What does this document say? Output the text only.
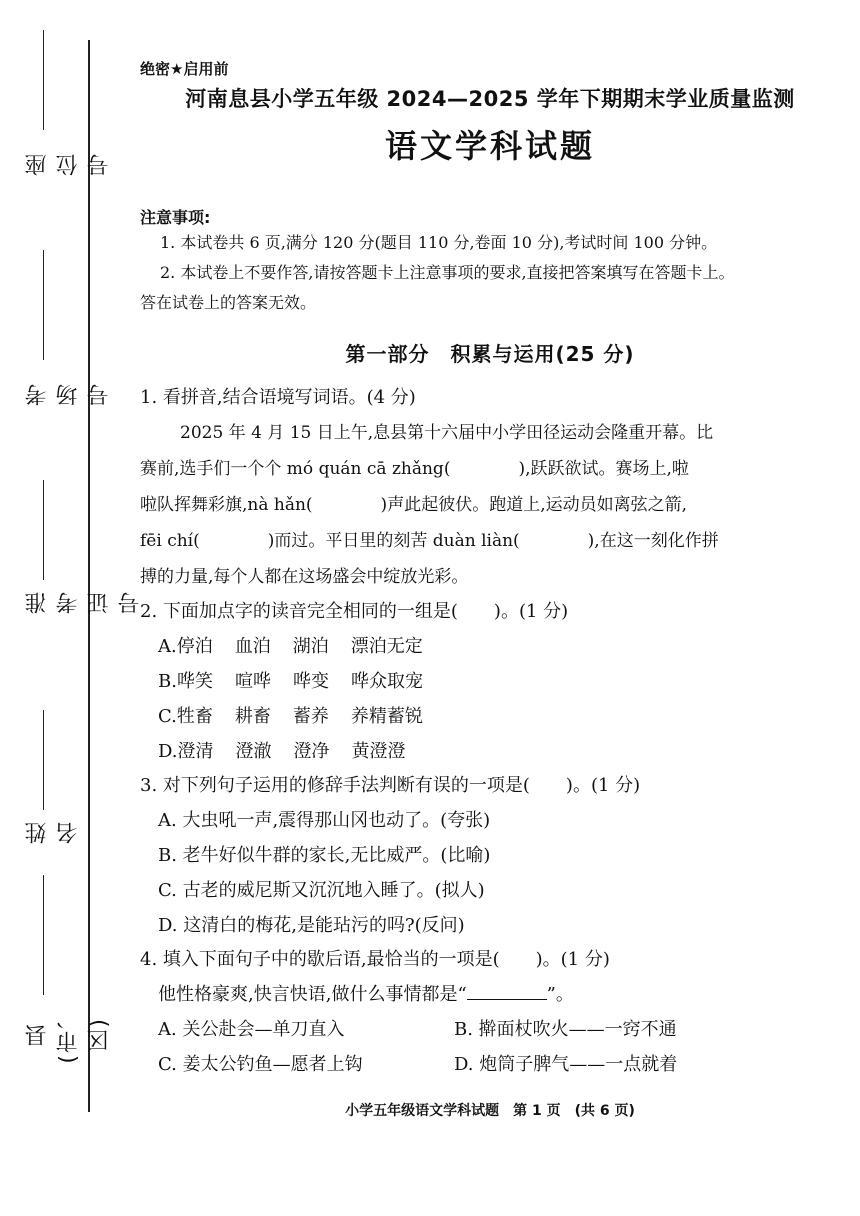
座位号
考场号
准考证号
姓名
县(市、区)
绝密★启用前
河南息县小学五年级 2024—2025 学年下期期末学业质量监测
语文学科试题
注意事项:
1. 本试卷共 6 页,满分 120 分(题目 110 分,卷面 10 分),考试时间 100 分钟。
2. 本试卷上不要作答,请按答题卡上注意事项的要求,直接把答案填写在答题卡上。
答在试卷上的答案无效。
第一部分　积累与运用(25 分)
1. 看拼音,结合语境写词语。(4 分)
2025 年 4 月 15 日上午,息县第十六届中小学田径运动会隆重开幕。比
赛前,选手们一个个 mó quán cā zhǎng(　　　　),跃跃欲试。赛场上,啦
啦队挥舞彩旗,nà hǎn(　　　　)声此起彼伏。跑道上,运动员如离弦之箭,
fēi chí(　　　　)而过。平日里的刻苦 duàn liàn(　　　　),在这一刻化作拼
搏的力量,每个人都在这场盛会中绽放光彩。
2. 下面加点字的读音完全相同的一组是(　　)。(1 分)
A.停泊 血泊 湖泊 漂泊无定
B.哗笑 喧哗 哗变 哗众取宠
C.牲畜 耕畜 蓄养 养精蓄锐
D.澄清 澄澈 澄净 黄澄澄
3. 对下列句子运用的修辞手法判断有误的一项是(　　)。(1 分)
A. 大虫吼一声,震得那山冈也动了。(夸张)
B. 老牛好似牛群的家长,无比威严。(比喻)
C. 古老的威尼斯又沉沉地入睡了。(拟人)
D. 这清白的梅花,是能玷污的吗?(反问)
4. 填入下面句子中的歇后语,最恰当的一项是(　　)。(1 分)
他性格豪爽,快言快语,做什么事情都是“	”。
A. 关公赴会—单刀直入	B. 擀面杖吹火——一窍不通
C. 姜太公钓鱼—愿者上钩	D. 炮筒子脾气——一点就着
小学五年级语文学科试题　第 1 页　(共 6 页)
